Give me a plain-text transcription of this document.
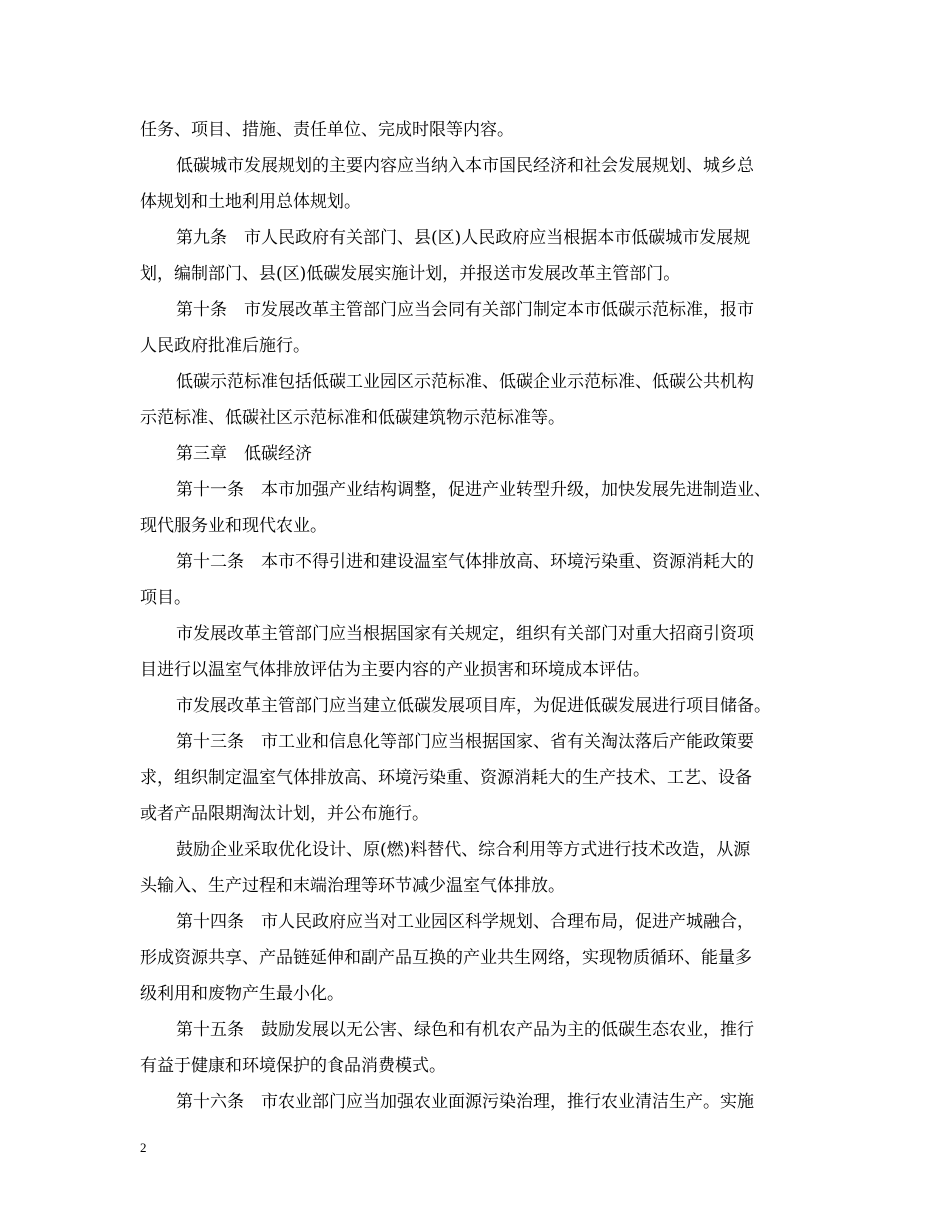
任务、项目、措施、责任单位、完成时限等内容。
低碳城市发展规划的主要内容应当纳入本市国民经济和社会发展规划、城乡总
体规划和土地利用总体规划。
第九条　市人民政府有关部门、县(区)人民政府应当根据本市低碳城市发展规
划，编制部门、县(区)低碳发展实施计划，并报送市发展改革主管部门。
第十条　市发展改革主管部门应当会同有关部门制定本市低碳示范标准，报市
人民政府批准后施行。
低碳示范标准包括低碳工业园区示范标准、低碳企业示范标准、低碳公共机构
示范标准、低碳社区示范标准和低碳建筑物示范标准等。
第三章　低碳经济
第十一条　本市加强产业结构调整，促进产业转型升级，加快发展先进制造业、
现代服务业和现代农业。
第十二条　本市不得引进和建设温室气体排放高、环境污染重、资源消耗大的
项目。
市发展改革主管部门应当根据国家有关规定，组织有关部门对重大招商引资项
目进行以温室气体排放评估为主要内容的产业损害和环境成本评估。
市发展改革主管部门应当建立低碳发展项目库，为促进低碳发展进行项目储备。
第十三条　市工业和信息化等部门应当根据国家、省有关淘汰落后产能政策要
求，组织制定温室气体排放高、环境污染重、资源消耗大的生产技术、工艺、设备
或者产品限期淘汰计划，并公布施行。
鼓励企业采取优化设计、原(燃)料替代、综合利用等方式进行技术改造，从源
头输入、生产过程和末端治理等环节减少温室气体排放。
第十四条　市人民政府应当对工业园区科学规划、合理布局，促进产城融合，
形成资源共享、产品链延伸和副产品互换的产业共生网络，实现物质循环、能量多
级利用和废物产生最小化。
第十五条　鼓励发展以无公害、绿色和有机农产品为主的低碳生态农业，推行
有益于健康和环境保护的食品消费模式。
第十六条　市农业部门应当加强农业面源污染治理，推行农业清洁生产。实施
2
